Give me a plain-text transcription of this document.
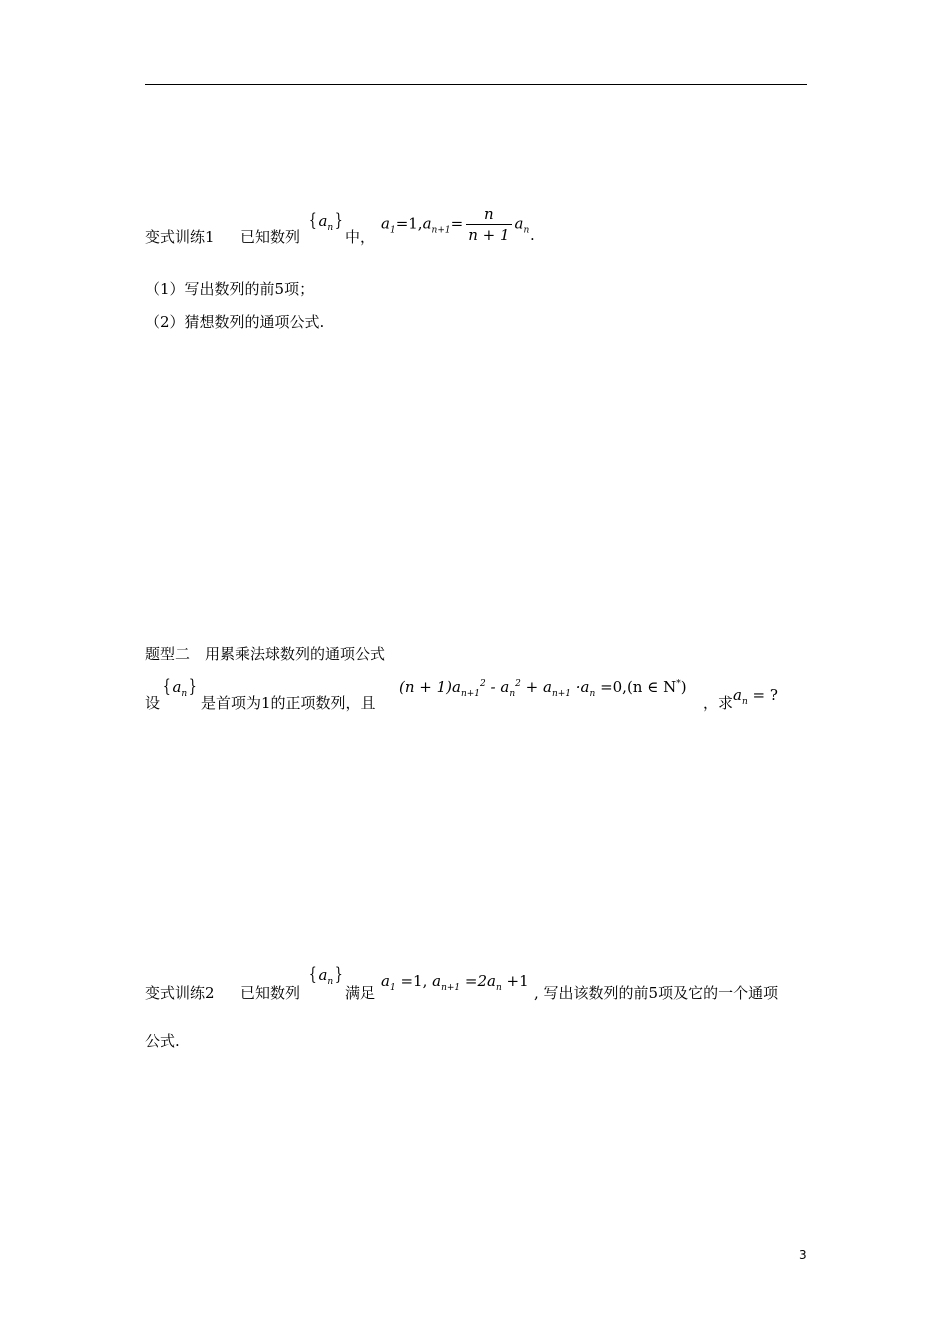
变式训练1 已知数列
{ $a_n$}
中，
$a_1=1,a_{n+1}= \frac{n}{n + 1} a_n$ .
（1）写出数列的前5项；
（2）猜想数列的通项公式.
题型二　用累乘法球数列的通项公式
设
{ $a_n$}
是首项为1的正项数列，且
$(n + 1)a_{n+1}^2 - a_n^2 + a_{n+1} \cdot a_n =0,(n$ ∈ N*)
，求 $a_n$ = ?
变式训练2 已知数列
{ $a_n$}
满足
$a_1 =1$, $a_{n+1} =2a_n +1$
, 写出该数列的前5项及它的一个通项
公式.
3
